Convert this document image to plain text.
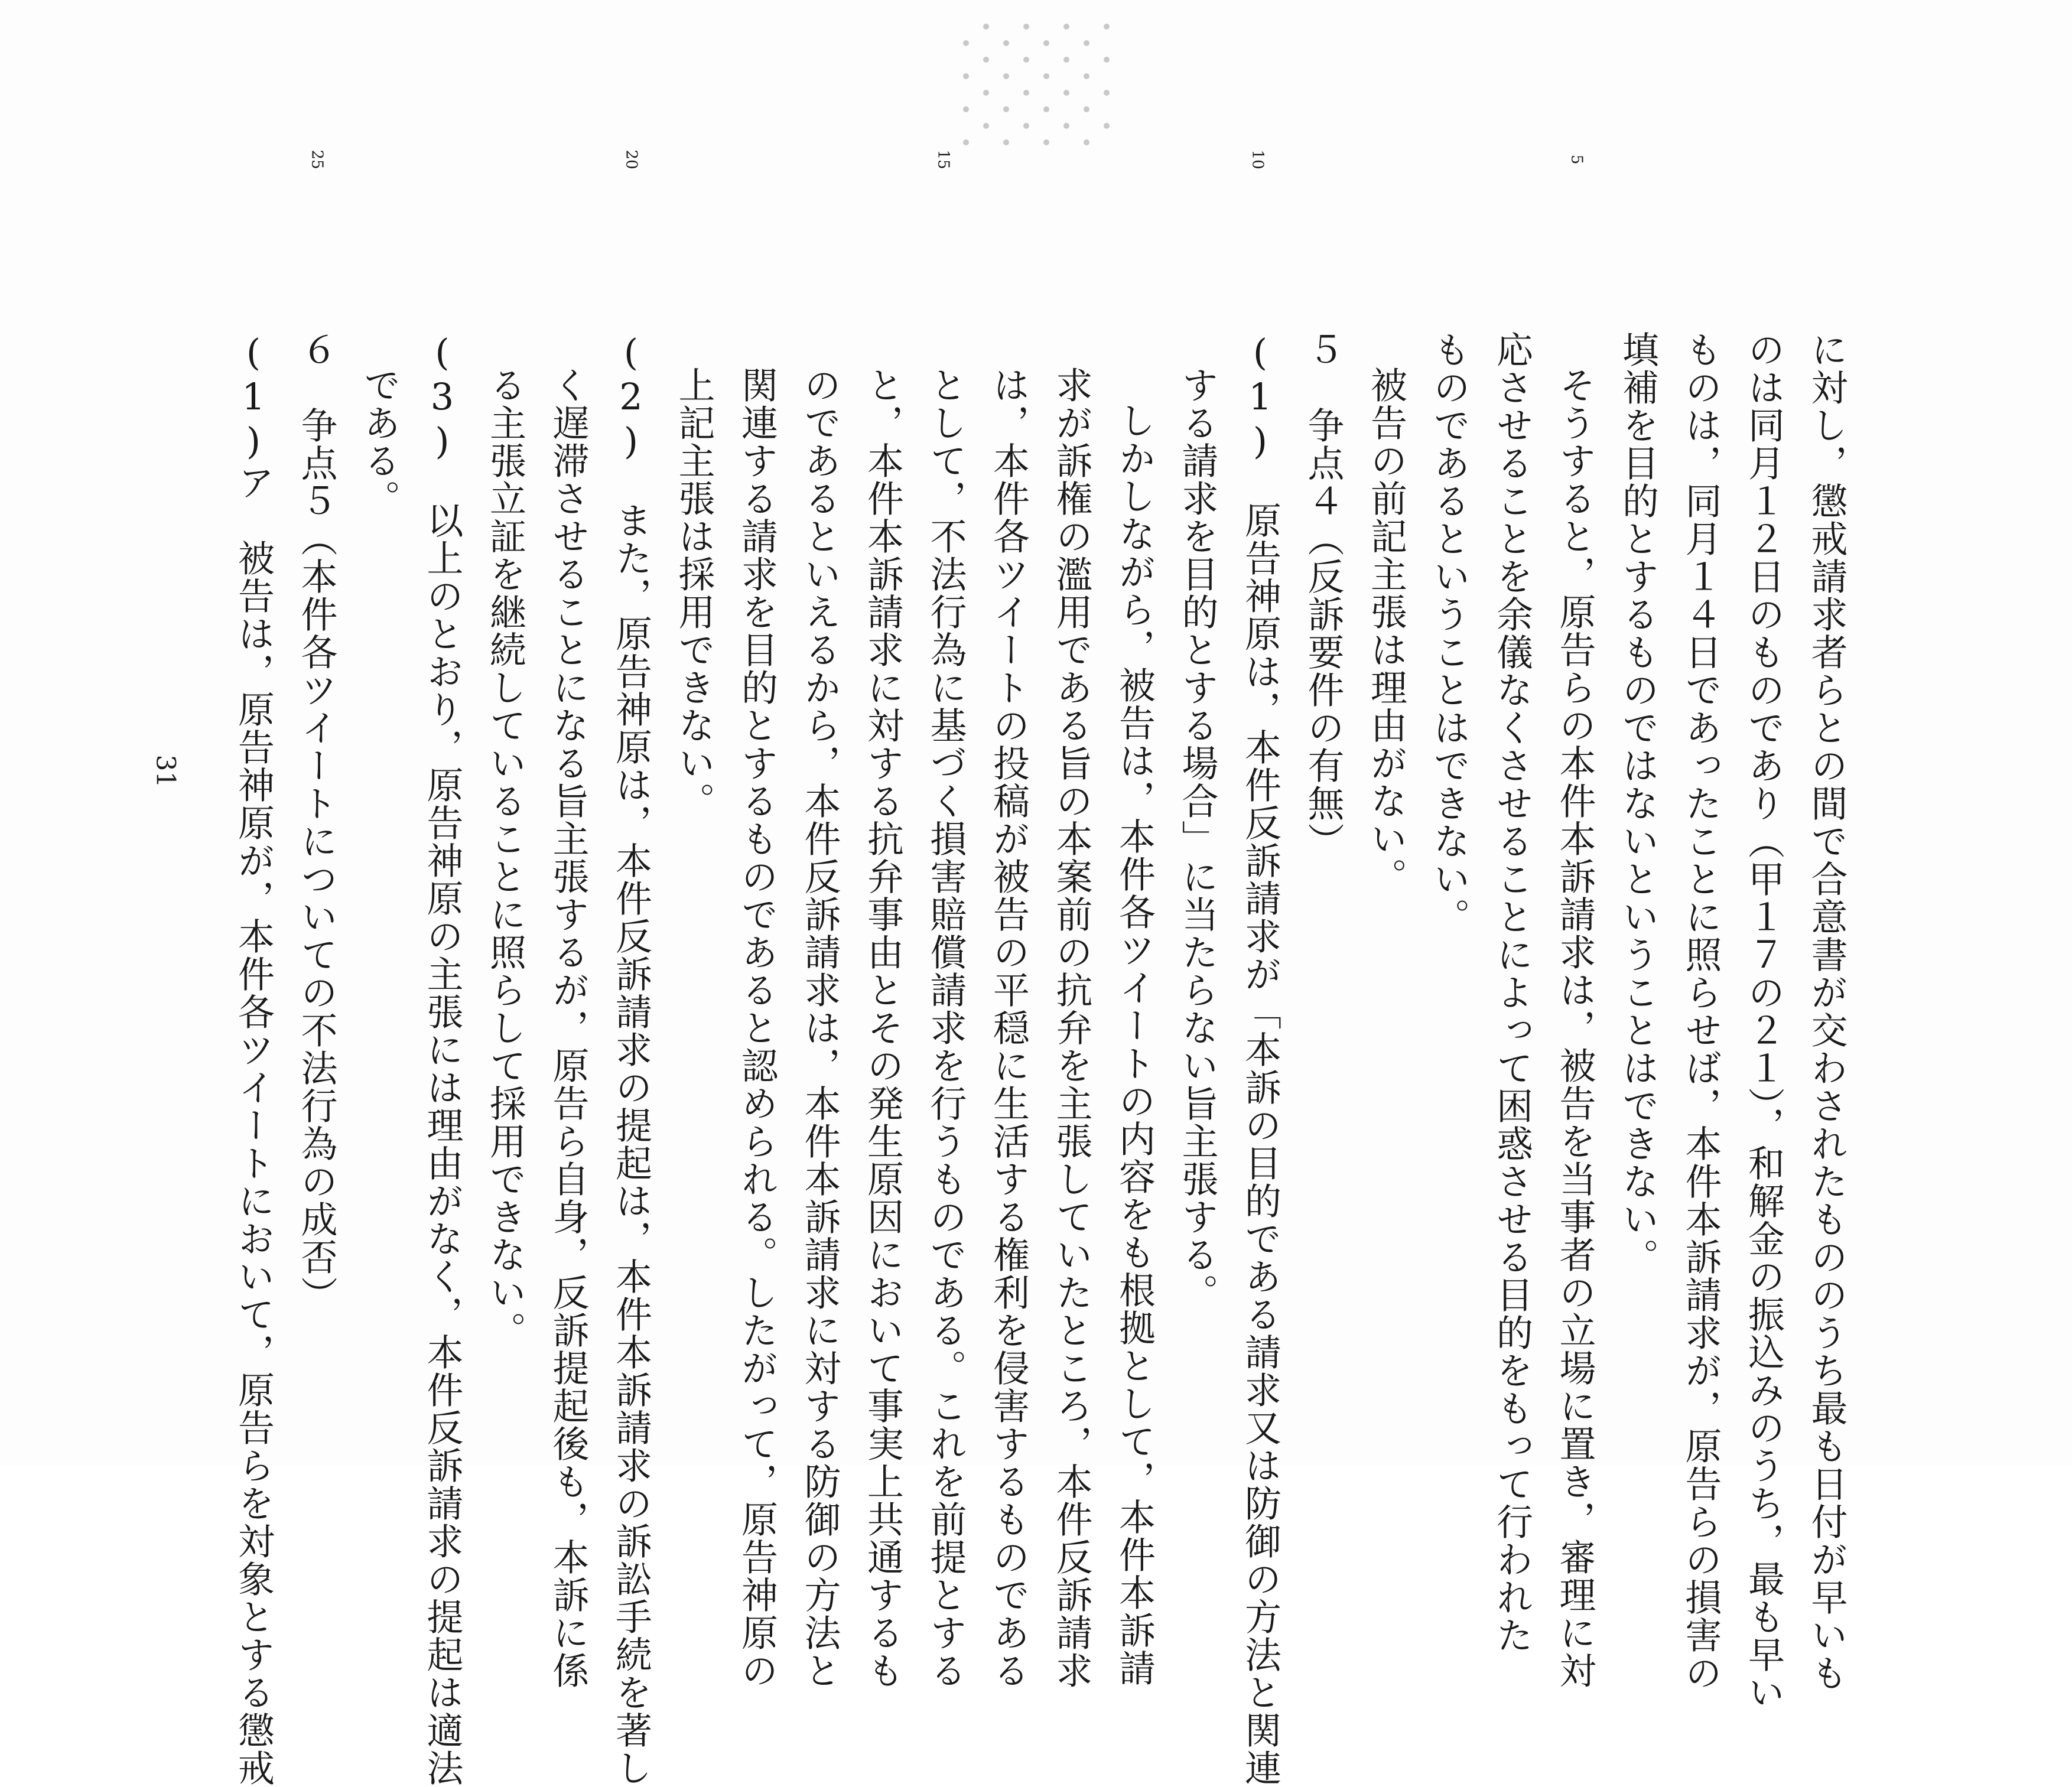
5
10
15
20
25
に対し，懲戒請求者らとの間で合意書が交わされたもののうち最も日付が早いも
のは同月１２日のものであり（甲１７の２１），和解金の振込みのうち，最も早い
ものは，同月１４日であったことに照らせば，本件本訴請求が，原告らの損害の
填補を目的とするものではないということはできない。
そうすると，原告らの本件本訴請求は，被告を当事者の立場に置き，審理に対
応させることを余儀なくさせることによって困惑させる目的をもって行われた
ものであるということはできない。
被告の前記主張は理由がない。
５　争点４（反訴要件の有無）
(1)　原告神原は，本件反訴請求が「本訴の目的である請求又は防御の方法と関連
する請求を目的とする場合」に当たらない旨主張する。
しかしながら，被告は，本件各ツイートの内容をも根拠として，本件本訴請
求が訴権の濫用である旨の本案前の抗弁を主張していたところ，本件反訴請求
は，本件各ツイートの投稿が被告の平穏に生活する権利を侵害するものである
として，不法行為に基づく損害賠償請求を行うものである。これを前提とする
と，本件本訴請求に対する抗弁事由とその発生原因において事実上共通するも
のであるといえるから，本件反訴請求は，本件本訴請求に対する防御の方法と
関連する請求を目的とするものであると認められる。したがって，原告神原の
上記主張は採用できない。
(2)　また，原告神原は，本件反訴請求の提起は，本件本訴請求の訴訟手続を著し
く遅滞させることになる旨主張するが，原告ら自身，反訴提起後も，本訴に係
る主張立証を継続していることに照らして採用できない。
(3)　以上のとおり，原告神原の主張には理由がなく，本件反訴請求の提起は適法
である。
６　争点５（本件各ツイートについての不法行為の成否）
(1)ア　被告は，原告神原が，本件各ツイートにおいて，原告らを対象とする懲戒
31
